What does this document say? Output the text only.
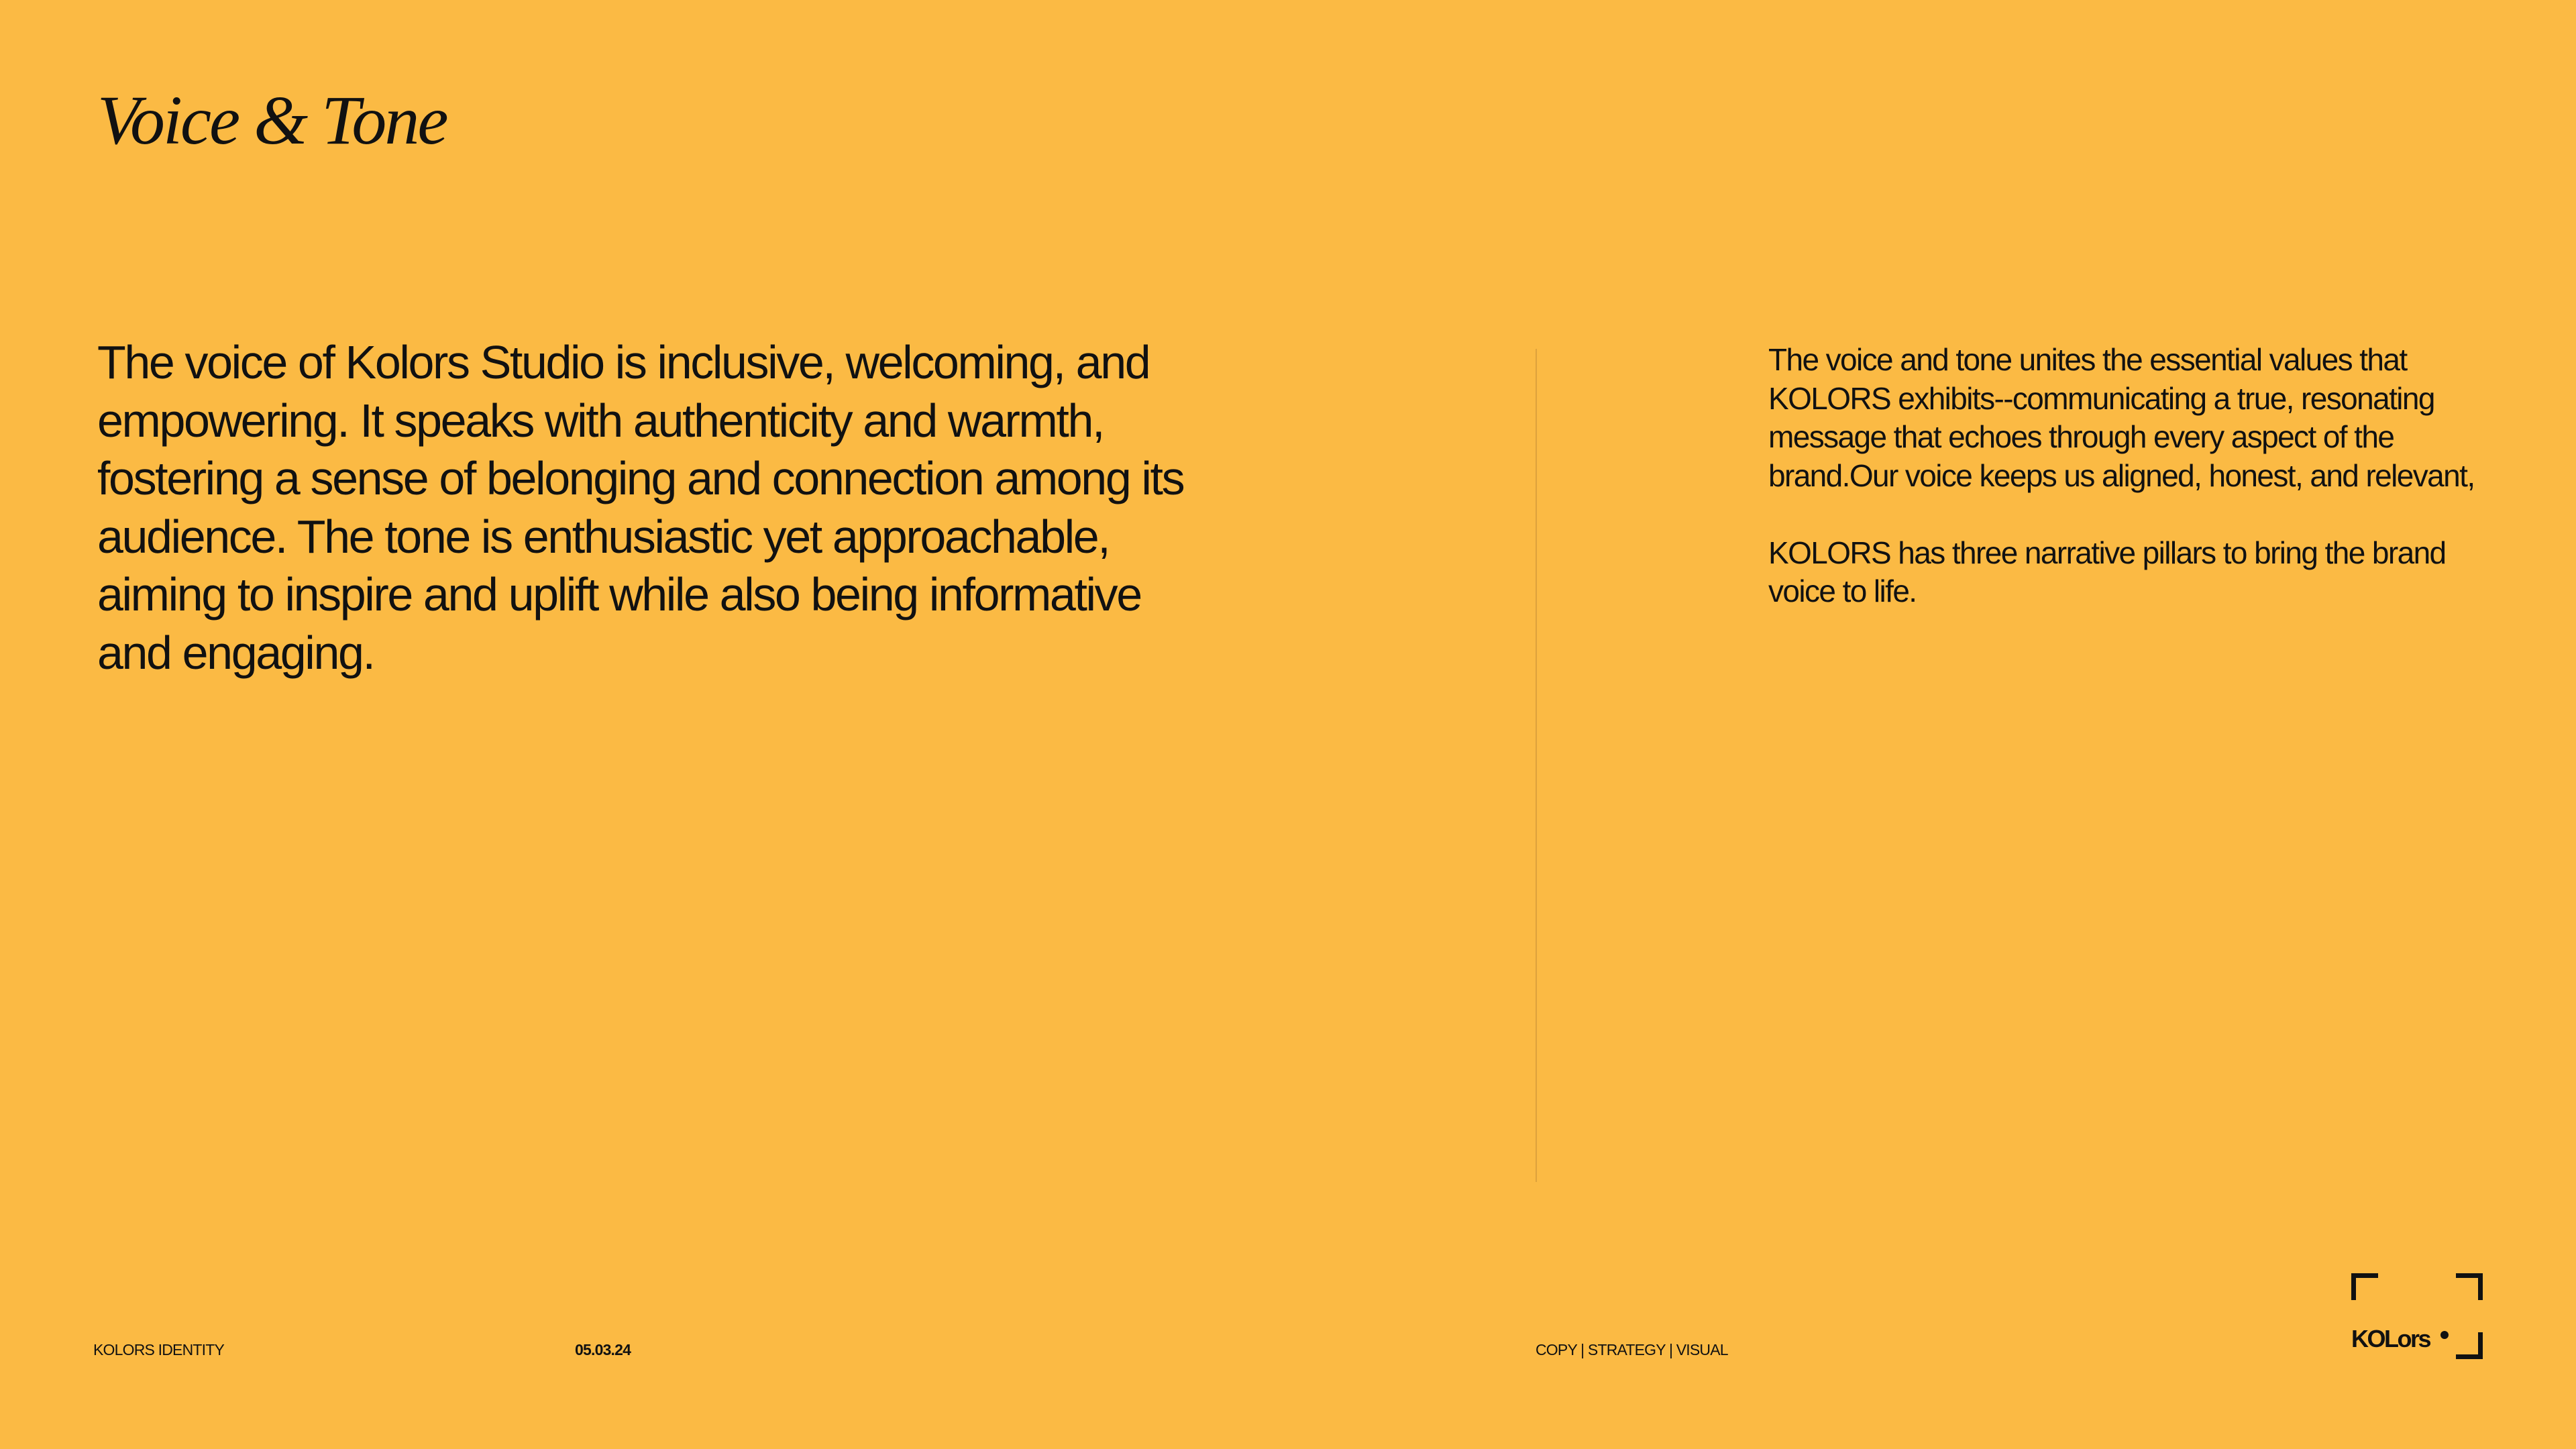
Voice & Tone

The voice of Kolors Studio is inclusive, welcoming, and empowering. It speaks with authenticity and warmth, fostering a sense of belonging and connection among its audience. The tone is enthusiastic yet approachable, aiming to inspire and uplift while also being informative and engaging.

The voice and tone unites the essential values that KOLORS exhibits--communicating a true, resonating message that echoes through every aspect of the brand.Our voice keeps us aligned, honest, and relevant,

KOLORS has three narrative pillars to bring the brand voice to life.

KOLORS IDENTITY	05.03.24	COPY | STRATEGY | VISUAL	KOLors
